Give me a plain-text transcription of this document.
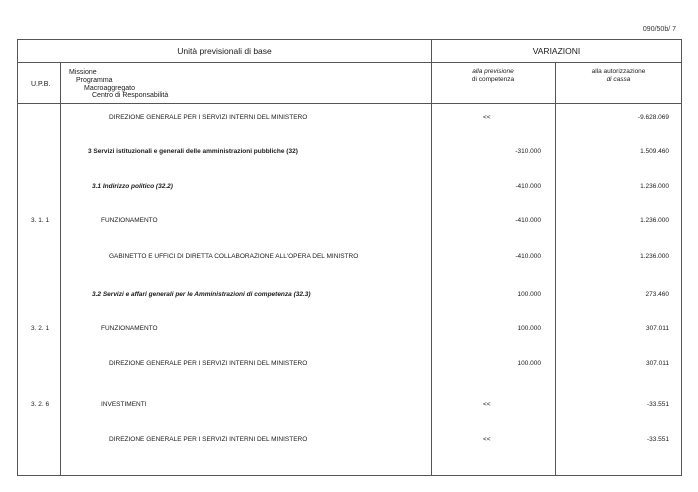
090/50b/ 7
Unità previsionali di base	VARIAZIONI
U.P.B.
Missione
Programma
Macroaggregato
Centro di Responsabilità
alla previsione
di competenza
alla autorizzazione
di cassa
DIREZIONE GENERALE PER I SERVIZI INTERNI DEL MINISTERO	<<	-9.628.069
3 Servizi istituzionali e generali delle amministrazioni pubbliche (32)	-310.000	1.509.460
3.1 Indirizzo politico (32.2)	-410.000	1.236.000
3. 1. 1	FUNZIONAMENTO	-410.000	1.236.000
GABINETTO E UFFICI DI DIRETTA COLLABORAZIONE ALL'OPERA DEL MINISTRO	-410.000	1.236.000
3.2 Servizi e affari generali per le Amministrazioni di competenza (32.3)	100.000	273.460
3. 2. 1	FUNZIONAMENTO	100.000	307.011
DIREZIONE GENERALE PER I SERVIZI INTERNI DEL MINISTERO	100.000	307.011
3. 2. 6	INVESTIMENTI	<<	-33.551
DIREZIONE GENERALE PER I SERVIZI INTERNI DEL MINISTERO	<<	-33.551
